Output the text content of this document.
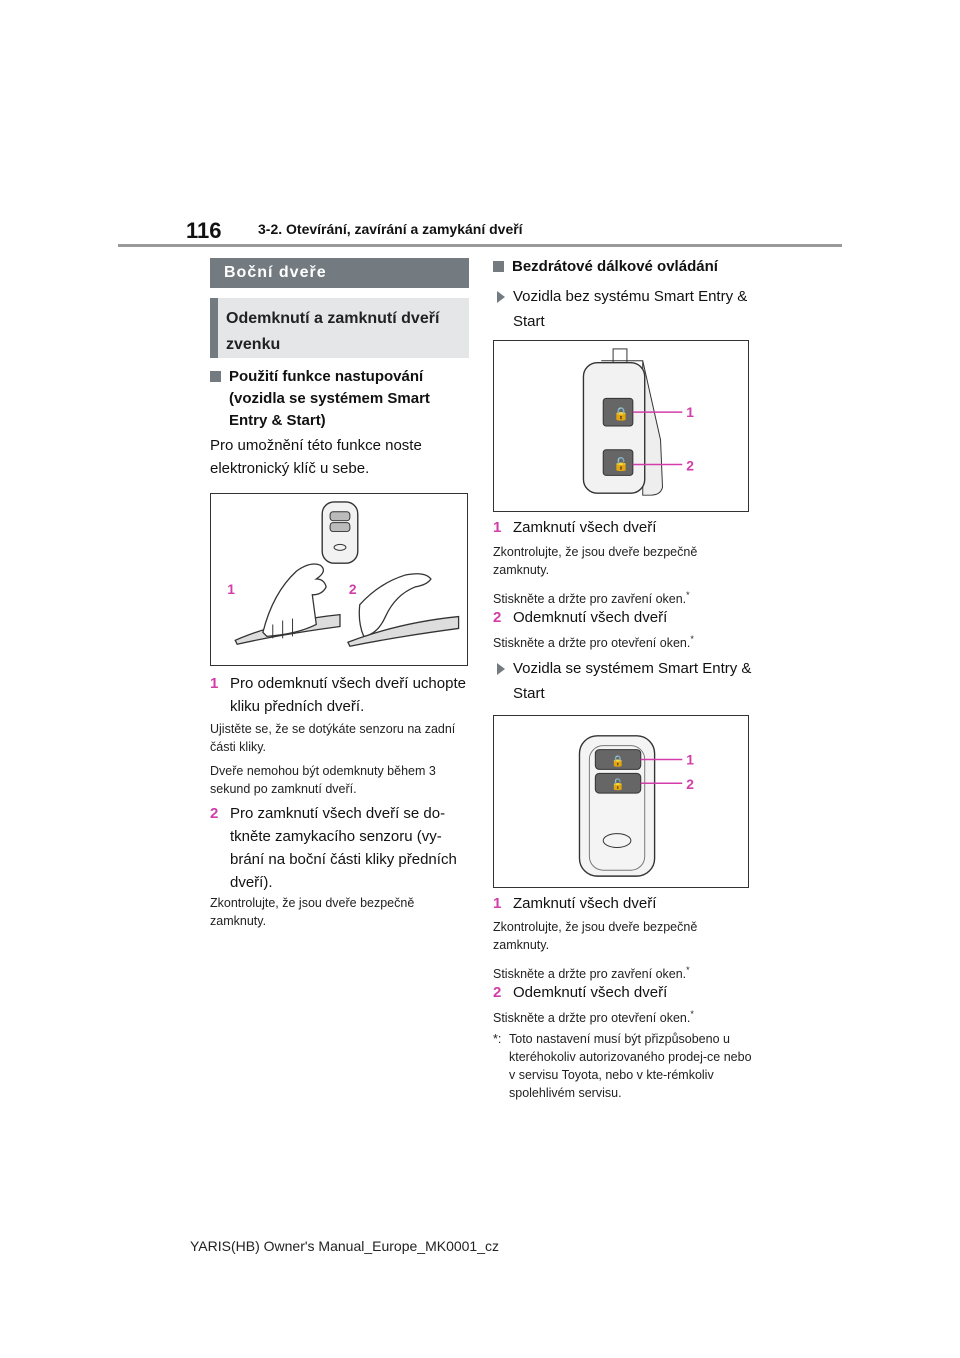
116	3-2. Otevírání, zavírání a zamykání dveří
Boční dveře
Odemknutí a zamknutí dveří zvenku
Použití funkce nastupování (vozidla se systémem Smart Entry & Start)
Pro umožnění této funkce noste elektronický klíč u sebe.
1	2
1 Pro odemknutí všech dveří uchopte kliku předních dveří.
Ujistěte se, že se dotýkáte senzoru na zadní části kliky.
Dveře nemohou být odemknuty během 3 sekund po zamknutí dveří.
2 Pro zamknutí všech dveří se do-tkněte zamykacího senzoru (vy-brání na boční části kliky předních dveří).
Zkontrolujte, že jsou dveře bezpečně zamknuty.
Bezdrátové dálkové ovládání
Vozidla bez systému Smart Entry & Start
🔒
🔓
1
2
1 Zamknutí všech dveří
Zkontrolujte, že jsou dveře bezpečně zamknuty.
Stiskněte a držte pro zavření oken.*
2 Odemknutí všech dveří
Stiskněte a držte pro otevření oken.*
Vozidla se systémem Smart Entry & Start
🔒
🔓
1
2
1 Zamknutí všech dveří
Zkontrolujte, že jsou dveře bezpečně zamknuty.
Stiskněte a držte pro zavření oken.*
2 Odemknutí všech dveří
Stiskněte a držte pro otevření oken.*
*: Toto nastavení musí být přizpůsobeno u kteréhokoliv autorizovaného prodej-ce nebo v servisu Toyota, nebo v kte-rémkoliv spolehlivém servisu.
YARIS(HB) Owner's Manual_Europe_MK0001_cz
